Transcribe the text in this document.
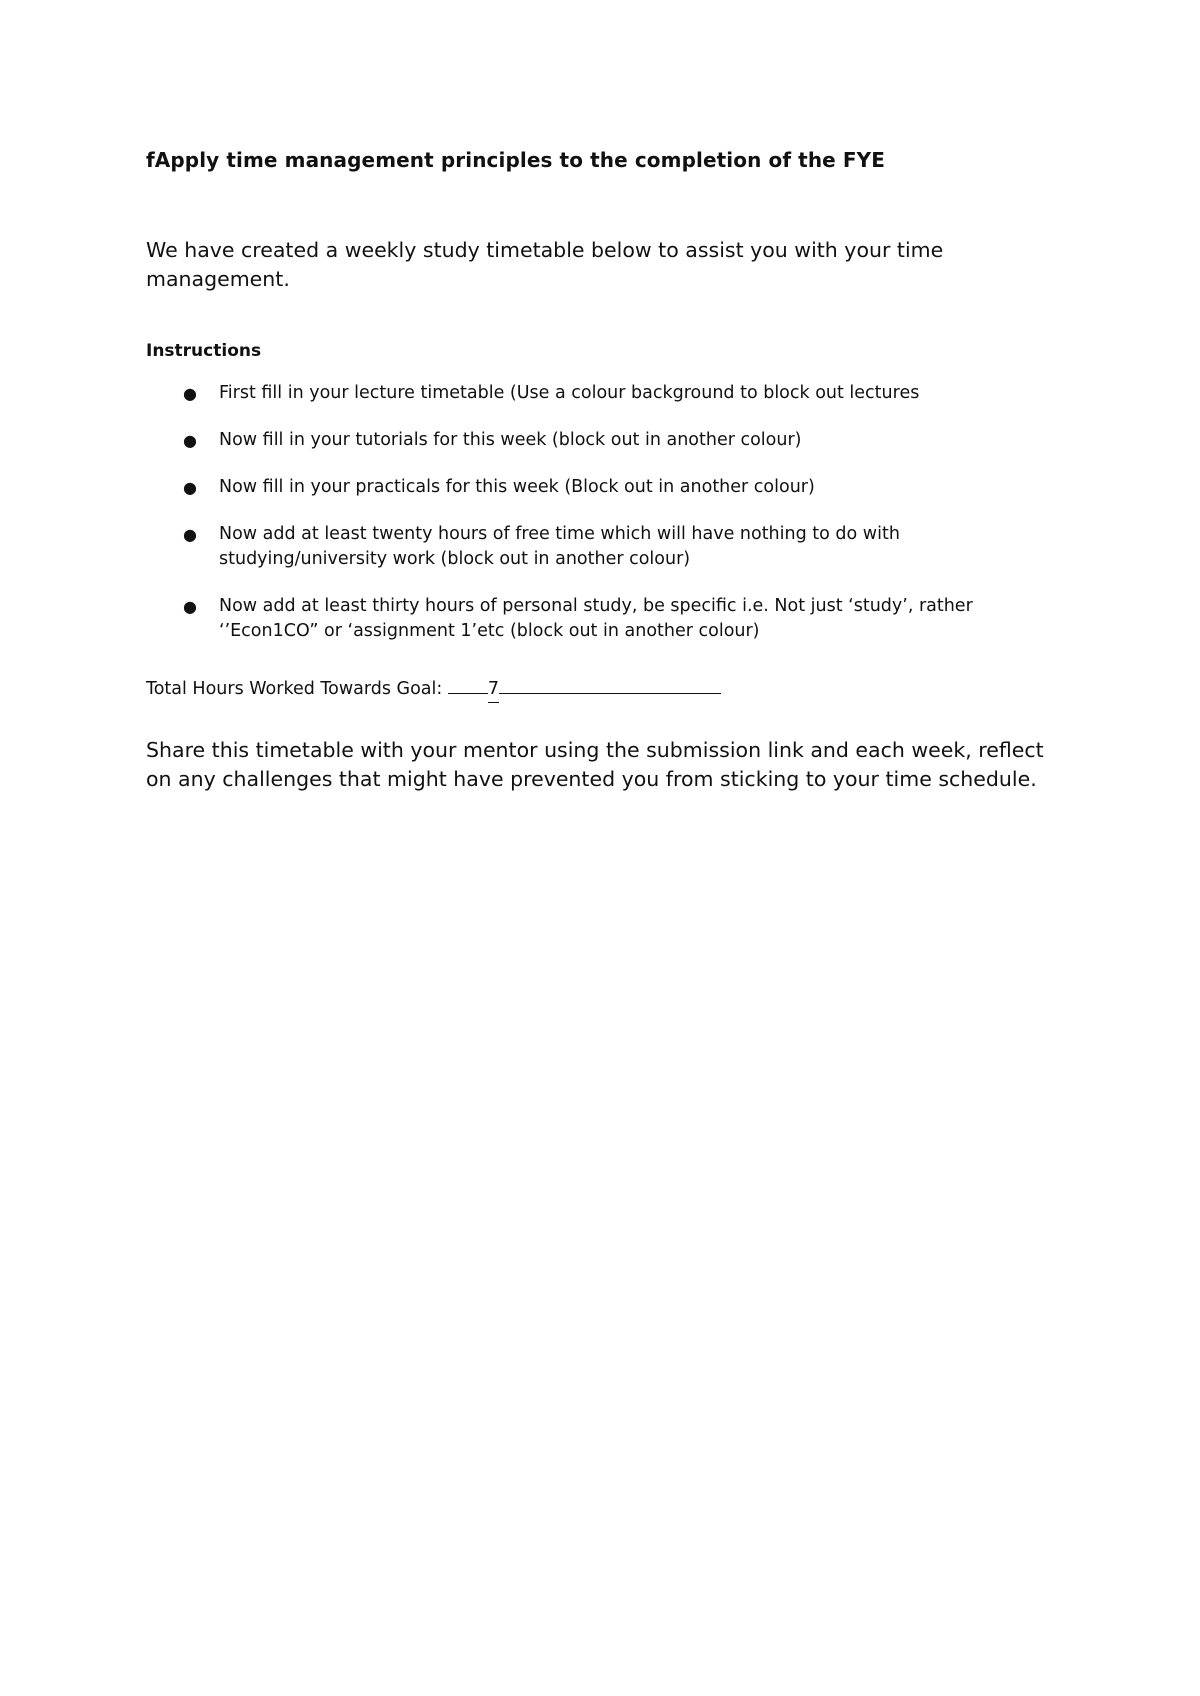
fApply time management principles to the completion of the FYE

We have created a weekly study timetable below to assist you with your time management.

Instructions

● First fill in your lecture timetable (Use a colour background to block out lectures
● Now fill in your tutorials for this week (block out in another colour)
● Now fill in your practicals for this week (Block out in another colour)
● Now add at least twenty hours of free time which will have nothing to do with studying/university work (block out in another colour)
● Now add at least thirty hours of personal study, be specific i.e. Not just ‘study’, rather ‘’Econ1CO” or ‘assignment 1’etc (block out in another colour)

Total Hours Worked Towards Goal:	7

Share this timetable with your mentor using the submission link and each week, reflect on any challenges that might have prevented you from sticking to your time schedule.
